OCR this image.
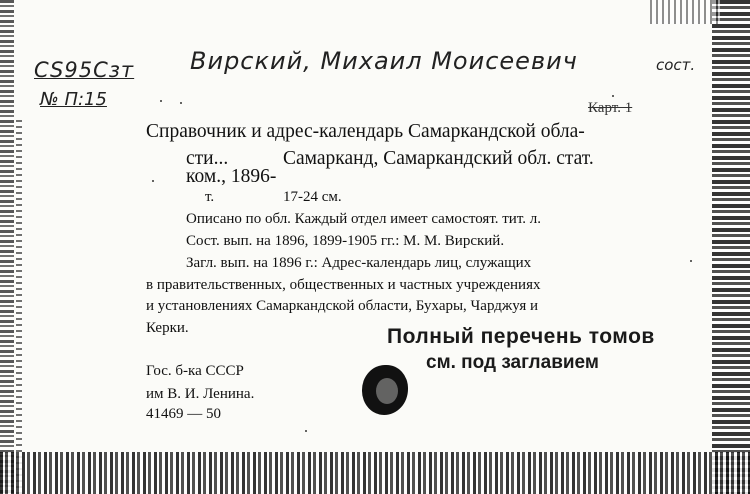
CS95Сзт
№ П:15
Вирский, Михаил Моисеевич	сост.
Карт. 1
Справочник и адрес-календарь Самаркандской обла-
сти...	Самарканд, Самаркандский обл. стат.
ком., 1896-
т.	17-24 см.
Описано по обл. Каждый отдел имеет самостоят. тит. л.
Сост. вып. на 1896, 1899-1905 гг.: М. М. Вирский.
Загл. вып. на 1896 г.: Адрес-календарь лиц, служащих
в правительственных, общественных и частных учреждениях
и установлениях Самаркандской области, Бухары, Чарджуя и
Керки.
Гос. б-ка СССР
им В. И. Ленина.
41469 — 50
Полный перечень томов
см. под заглавием
